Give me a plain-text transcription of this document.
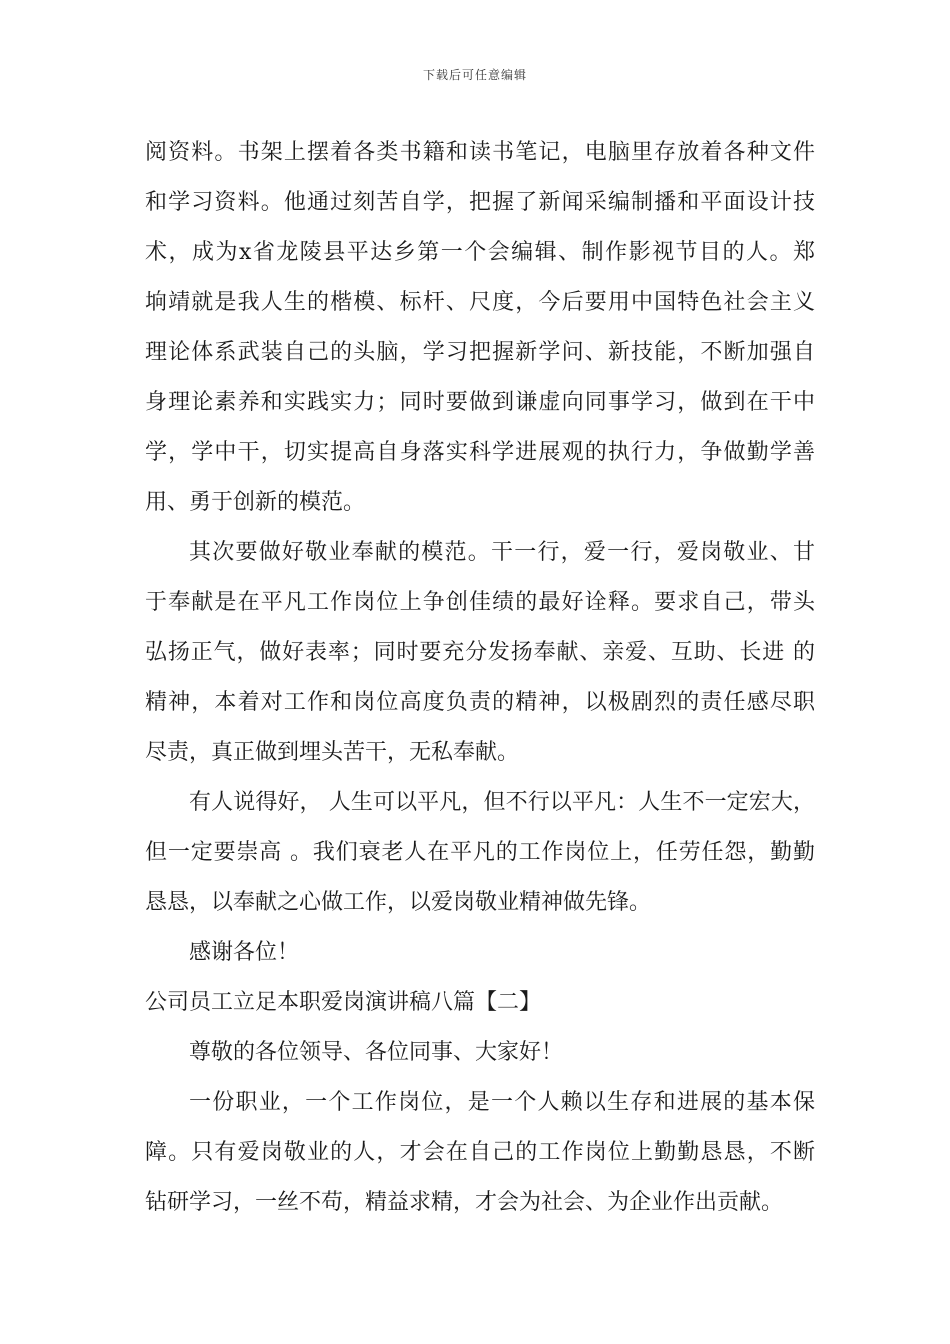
下载后可任意编辑
阅资料。书架上摆着各类书籍和读书笔记，电脑里存放着各种文件
和学习资料。他通过刻苦自学，把握了新闻采编制播和平面设计技
术，成为x省龙陵县平达乡第一个会编辑、制作影视节目的人。郑
垧靖就是我人生的楷模、标杆、尺度，今后要用中国特色社会主义
理论体系武装自己的头脑，学习把握新学问、新技能，不断加强自
身理论素养和实践实力；同时要做到谦虚向同事学习，做到在干中
学，学中干，切实提高自身落实科学进展观的执行力，争做勤学善
用、勇于创新的模范。
其次要做好敬业奉献的模范。干一行，爱一行，爱岗敬业、甘
于奉献是在平凡工作岗位上争创佳绩的最好诠释。要求自己，带头
弘扬正气，做好表率；同时要充分发扬奉献、亲爱、互助、长进 的
精神，本着对工作和岗位高度负责的精神，以极剧烈的责任感尽职
尽责，真正做到埋头苦干，无私奉献。
有人说得好， 人生可以平凡，但不行以平凡：人生不一定宏大，
但一定要崇高 。我们衰老人在平凡的工作岗位上，任劳任怨，勤勤
恳恳，以奉献之心做工作，以爱岗敬业精神做先锋。
感谢各位！
公司员工立足本职爱岗演讲稿八篇【二】
尊敬的各位领导、各位同事、大家好！
一份职业，一个工作岗位，是一个人赖以生存和进展的基本保
障。只有爱岗敬业的人，才会在自己的工作岗位上勤勤恳恳，不断
钻研学习，一丝不苟，精益求精，才会为社会、为企业作出贡献。
